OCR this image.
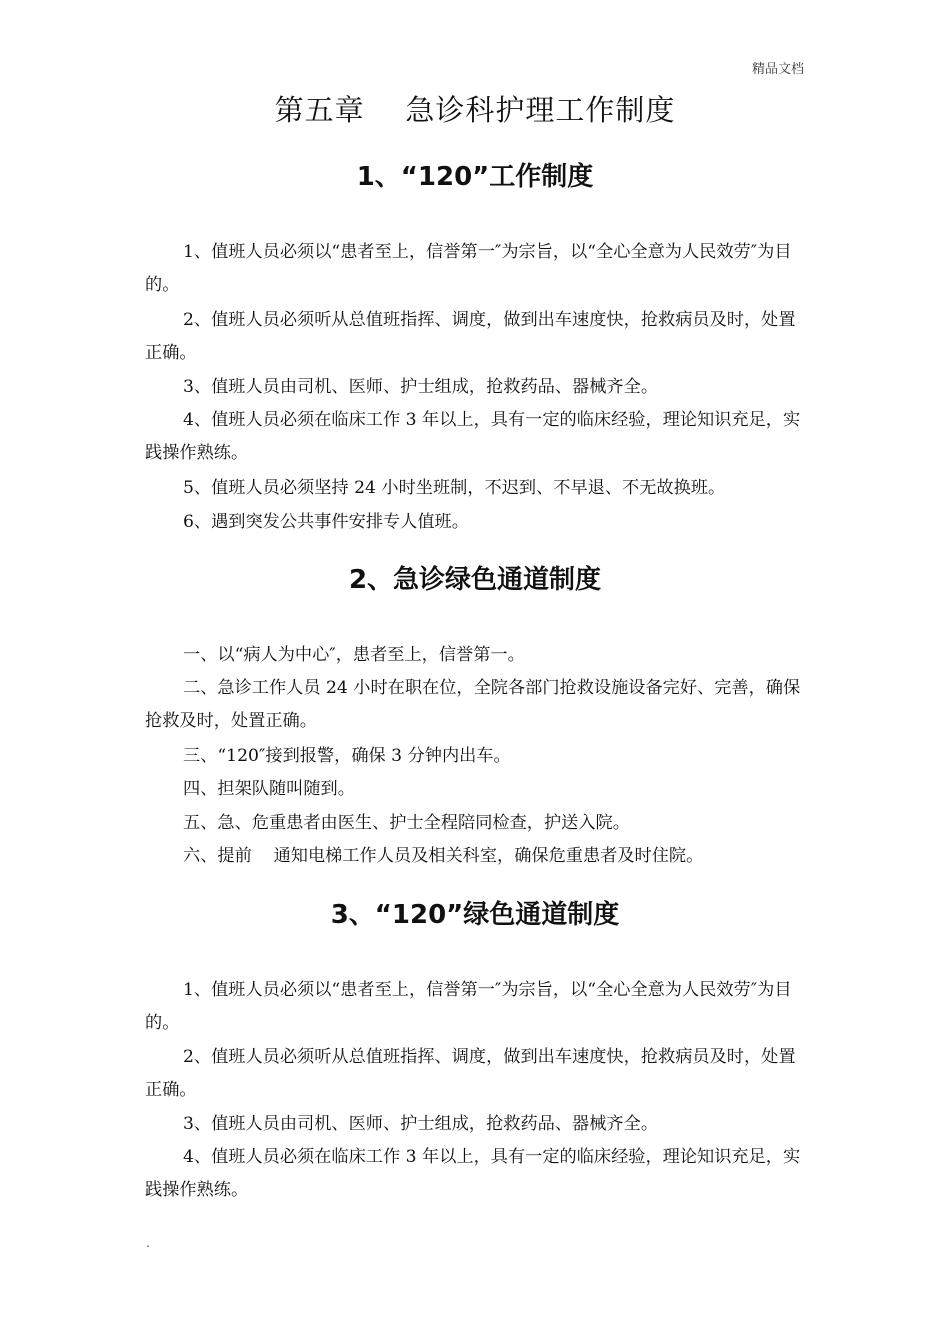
精品文档
第五章    急诊科护理工作制度
1、“120”工作制度
1、值班人员必须以“患者至上，信誉第一″为宗旨，以“全心全意为人民效劳″为目的。
2、值班人员必须听从总值班指挥、调度，做到出车速度快，抢救病员及时，处置正确。
3、值班人员由司机、医师、护士组成，抢救药品、器械齐全。
4、值班人员必须在临床工作 3 年以上，具有一定的临床经验，理论知识充足，实践操作熟练。
5、值班人员必须坚持 24 小时坐班制，不迟到、不早退、不无故换班。
6、遇到突发公共事件安排专人值班。
2、急诊绿色通道制度
一、以“病人为中心″，患者至上，信誉第一。
二、急诊工作人员 24 小时在职在位，全院各部门抢救设施设备完好、完善，确保抢救及时，处置正确。
三、“120″接到报警，确保 3 分钟内出车。
四、担架队随叫随到。
五、急、危重患者由医生、护士全程陪同检查，护送入院。
六、提前    通知电梯工作人员及相关科室，确保危重患者及时住院。
3、“120”绿色通道制度
1、值班人员必须以“患者至上，信誉第一″为宗旨，以“全心全意为人民效劳″为目的。
2、值班人员必须听从总值班指挥、调度，做到出车速度快，抢救病员及时，处置正确。
3、值班人员由司机、医师、护士组成，抢救药品、器械齐全。
4、值班人员必须在临床工作 3 年以上，具有一定的临床经验，理论知识充足，实践操作熟练。
.
